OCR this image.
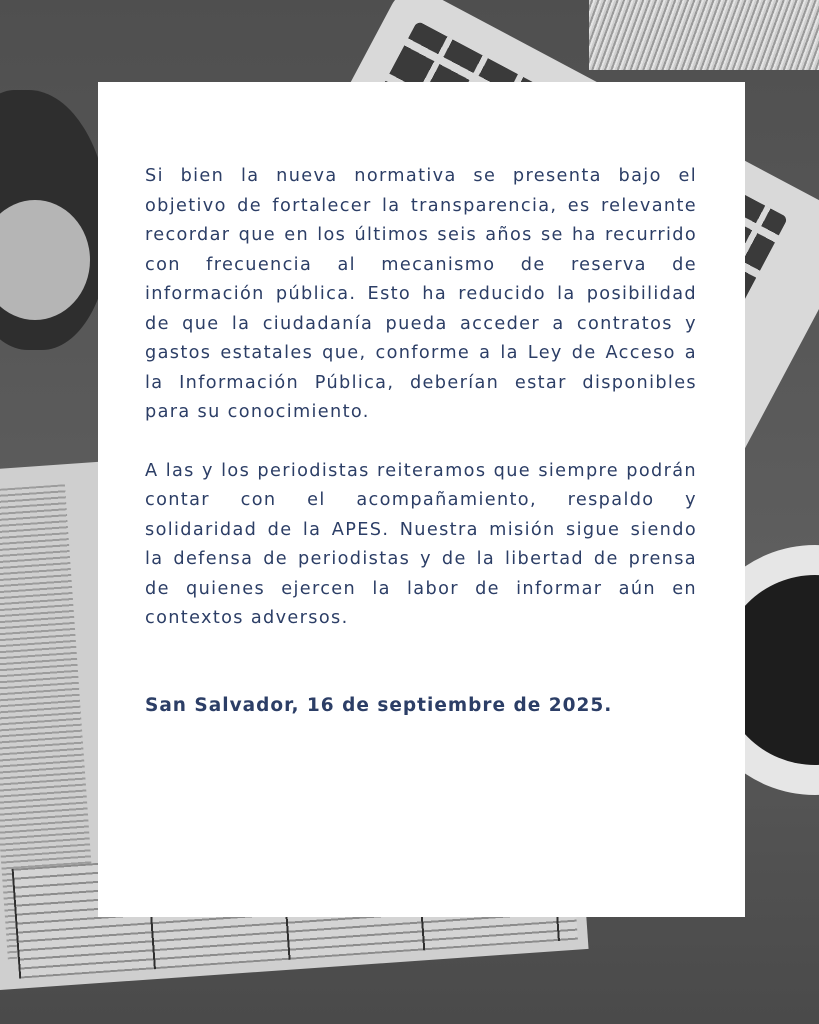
Si bien la nueva normativa se presenta bajo el objetivo de fortalecer la transparencia, es relevante recordar que en los últimos seis años se ha recurrido con frecuencia al mecanismo de reserva de información pública. Esto ha reducido la posibilidad de que la ciudadanía pueda acceder a contratos y gastos estatales que, conforme a la Ley de Acceso a la Información Pública, deberían estar disponibles para su conocimiento.

A las y los periodistas reiteramos que siempre podrán contar con el acompañamiento, respaldo y solidaridad de la APES. Nuestra misión sigue siendo la defensa de periodistas y de la libertad de prensa de quienes ejercen la labor de informar aún en contextos adversos.

San Salvador, 16 de septiembre de 2025.
